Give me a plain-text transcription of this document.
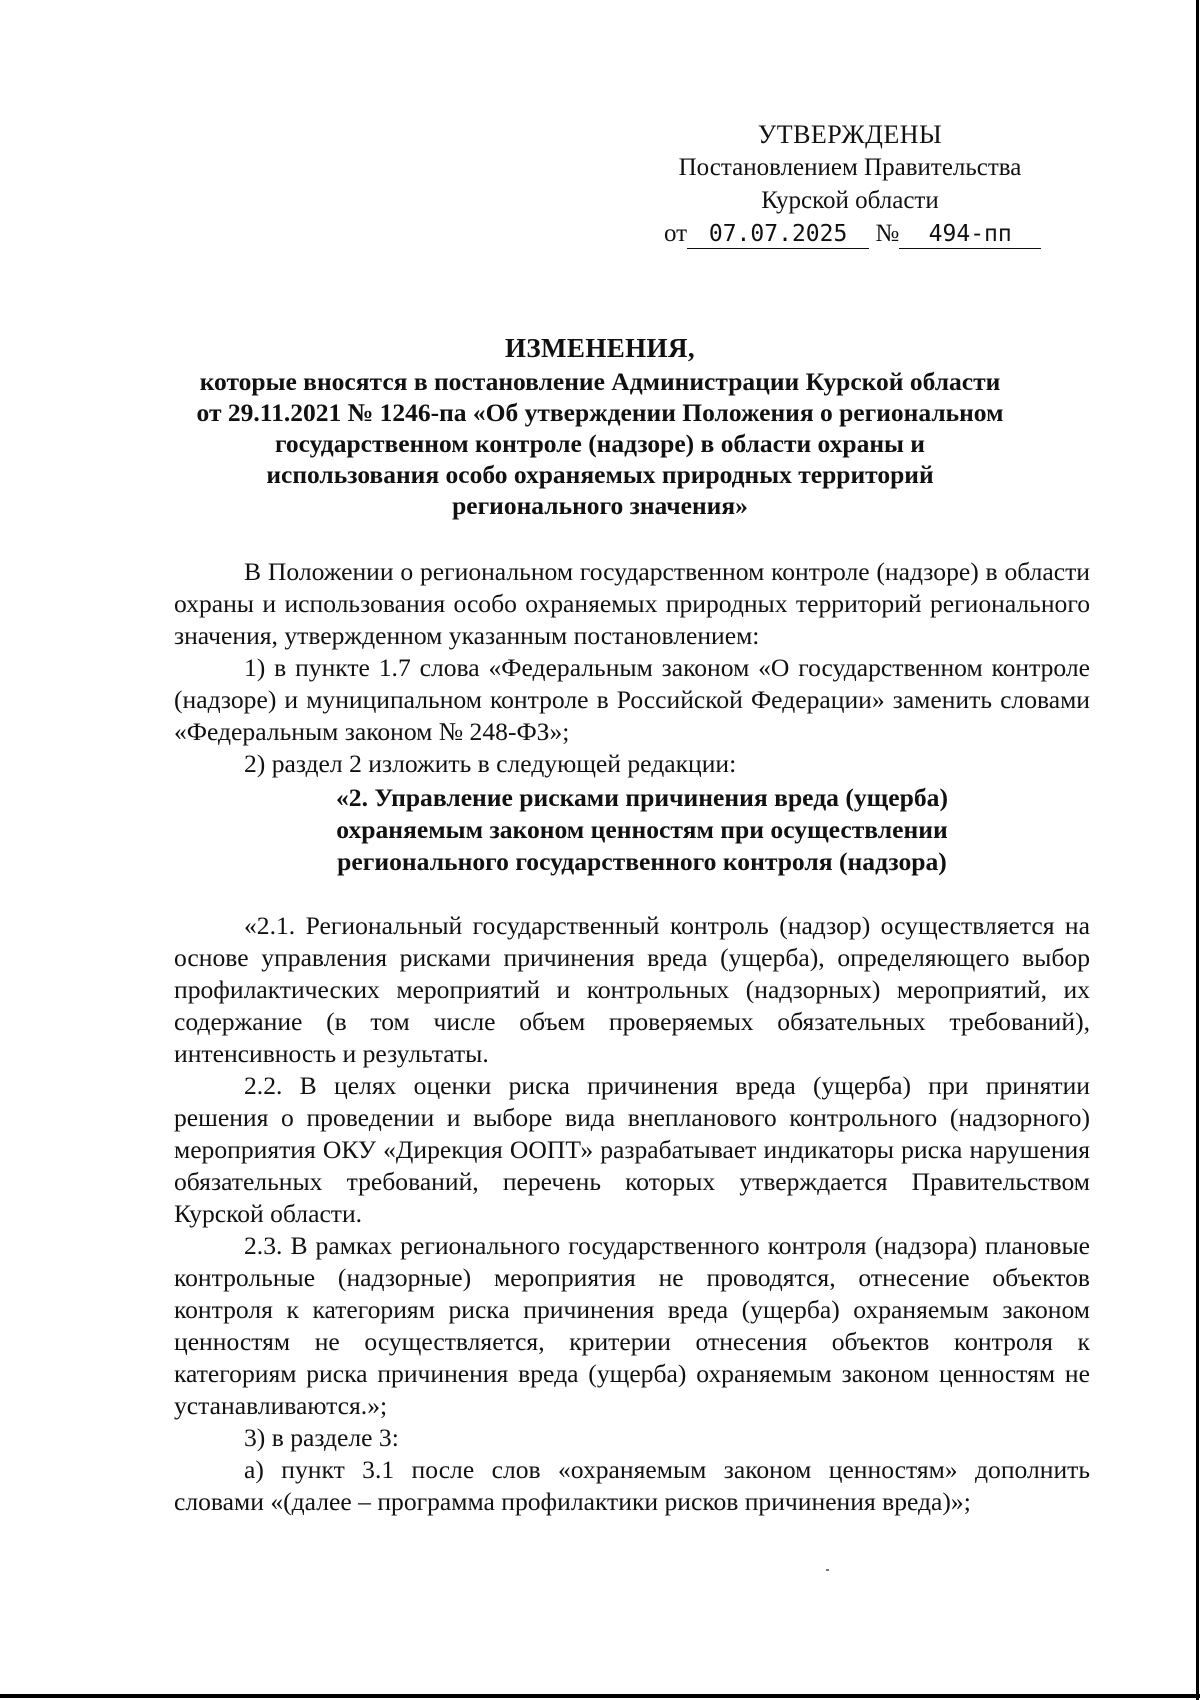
УТВЕРЖДЕНЫ
Постановлением Правительства
Курской области
от 07.07.2025 № 494-пп
ИЗМЕНЕНИЯ,
которые вносятся в постановление Администрации Курской области
от 29.11.2021 № 1246-па «Об утверждении Положения о региональном
государственном контроле (надзоре) в области охраны и
использования особо охраняемых природных территорий
регионального значения»

В Положении о региональном государственном контроле (надзоре) в области охраны и использования особо охраняемых природных территорий регионального значения, утвержденном указанным постановлением:

1) в пункте 1.7 слова «Федеральным законом «О государственном контроле (надзоре) и муниципальном контроле в Российской Федерации» заменить словами «Федеральным законом № 248-ФЗ»;

2) раздел 2 изложить в следующей редакции:

«2. Управление рисками причинения вреда (ущерба)
охраняемым законом ценностям при осуществлении
регионального государственного контроля (надзора)

«2.1. Региональный государственный контроль (надзор) осуществляется на основе управления рисками причинения вреда (ущерба), определяющего выбор профилактических мероприятий и контрольных (надзорных) мероприятий, их содержание (в том числе объем проверяемых обязательных требований), интенсивность и результаты.

2.2. В целях оценки риска причинения вреда (ущерба) при принятии решения о проведении и выборе вида внепланового контрольного (надзорного) мероприятия ОКУ «Дирекция ООПТ» разрабатывает индикаторы риска нарушения обязательных требований, перечень которых утверждается Правительством Курской области.

2.3. В рамках регионального государственного контроля (надзора) плановые контрольные (надзорные) мероприятия не проводятся, отнесение объектов контроля к категориям риска причинения вреда (ущерба) охраняемым законом ценностям не осуществляется, критерии отнесения объектов контроля к категориям риска причинения вреда (ущерба) охраняемым законом ценностям не устанавливаются.»;

3) в разделе 3:

а) пункт 3.1 после слов «охраняемым законом ценностям» дополнить словами «(далее – программа профилактики рисков причинения вреда)»;
